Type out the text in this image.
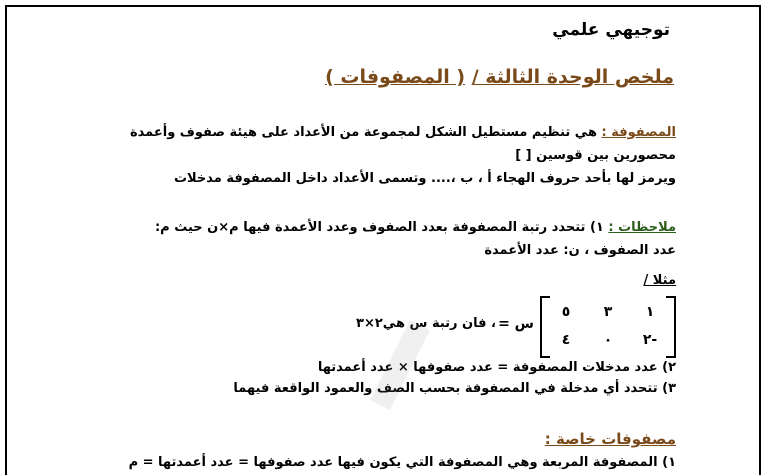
توجيهي علمي
ملخص الوحدة الثالثة / ( المصفوفات )
المصفوفة : هي تنظيم مستطيل الشكل لمجموعة من الأعداد على هيئة صفوف وأعمدة
محصورين بين قوسين [ ]
ويرمز لها بأحد حروف الهجاء أ ، ب ،.... وتسمى الأعداد داخل المصفوفة مدخلات
ملاحظات : ١) تتحدد رتبة المصفوفة بعدد الصفوف وعدد الأعمدة فيها م×ن حيث م:
عدد الصفوف ، ن: عدد الأعمدة
مثلا /
س =
، فان رتبة س هي٢×٣
١
٣
٥
-٢
٠
٤
٢) عدد مدخلات المصفوفة = عدد صفوفها × عدد أعمدتها
٣) تتحدد أي مدخلة في المصفوفة بحسب الصف والعمود الواقعة فيهما
مصفوفات خاصة :
١) المصفوفة المربعة وهي المصفوفة التي يكون فيها عدد صفوفها = عدد أعمدتها = م
